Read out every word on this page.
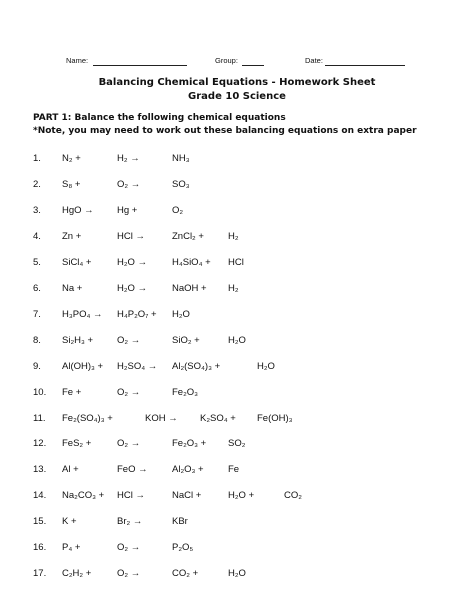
Name:	Group:	Date:
Balancing Chemical Equations - Homework Sheet
Grade 10 Science
PART 1: Balance the following chemical equations
*Note, you may need to work out these balancing equations on extra paper
1. N₂ +	H₂ →	NH₃
2. S₈ +	O₂ →	SO₃
3. HgO → Hg +	O₂
4. Zn +	HCl →	ZnCl₂ +	H₂
5. SiCl₄ +	H₂O →	H₄SiO₄ + HCl
6. Na +	H₂O →	NaOH + H₂
7. H₃PO₄ → H₄P₂O₇ + H₂O
8. Si₂H₃ +	O₂ →	SiO₂ +	H₂O
9. Al(OH)₃ + H₂SO₄ → Al₂(SO₄)₃ +	H₂O
10. Fe +	O₂ →	Fe₂O₃
11. Fe₂(SO₄)₃ +	KOH → K₂SO₄ + Fe(OH)₃
12. FeS₂ +	O₂ →	Fe₂O₃ + SO₂
13. Al +	FeO →	Al₂O₃ +	Fe
14. Na₂CO₃ + HCl →	NaCl +	H₂O +	CO₂
15. K +	Br₂ →	KBr
16. P₄ +	O₂ →	P₂O₅
17. C₂H₂ +	O₂ →	CO₂ +	H₂O
